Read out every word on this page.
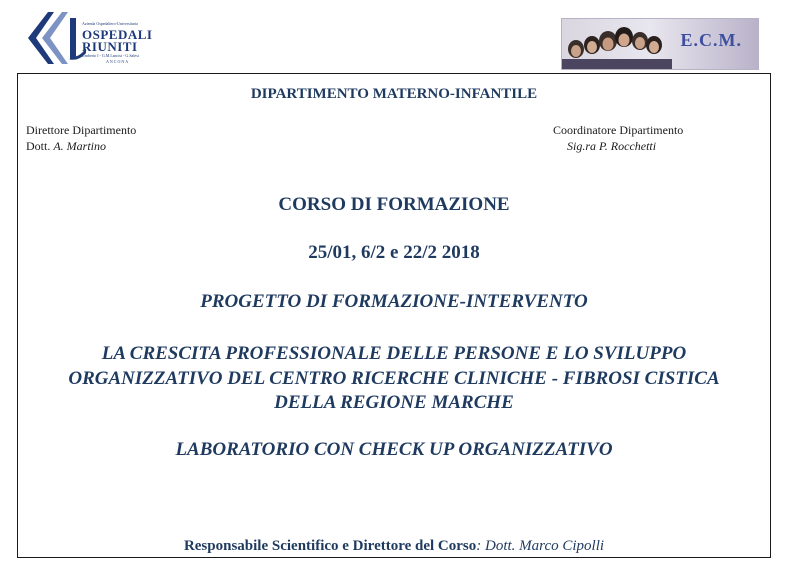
Azienda Ospedaliero-Universitaria
OSPEDALI
RIUNITI
Umberto I - G.M.Lancisi - G.Salesi
ANCONA
E.C.M.
DIPARTIMENTO MATERNO-INFANTILE
Direttore Dipartimento
Dott. A. Martino
Coordinatore Dipartimento
Sig.ra P. Rocchetti
CORSO DI FORMAZIONE
25/01, 6/2 e 22/2 2018
PROGETTO DI FORMAZIONE-INTERVENTO
LA CRESCITA PROFESSIONALE DELLE PERSONE E LO SVILUPPO
ORGANIZZATIVO DEL CENTRO RICERCHE CLINICHE - FIBROSI CISTICA
DELLA REGIONE MARCHE
LABORATORIO CON CHECK UP ORGANIZZATIVO
Responsabile Scientifico e Direttore del Corso: Dott. Marco Cipolli
